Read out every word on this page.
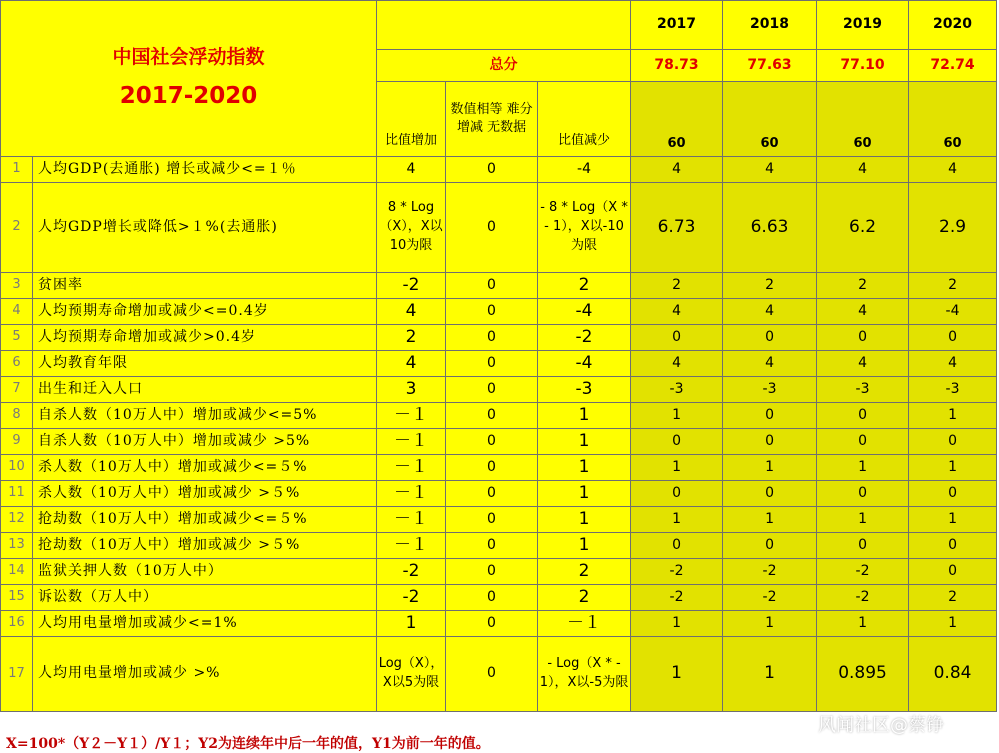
中国社会浮动指数
2017-2020					2017	2018	2019	2020
		总分			78.73	77.63	77.10	72.74
		比值增加	数值相等 难分增减 无数据	比值减少	60	60	60	60
1	人均GDP(去通胀) 增长或减少<=１％	4	0	-4	4	4	4	4
2	人均GDP增长或降低>１%(去通胀)	8 * Log（X），X以10为限	0	- 8 * Log（X * - 1），X以-10为限	6.73	6.63	6.2	2.9
3	贫困率	-2	0	2	2	2	2	2
4	人均预期寿命增加或减少<=0.4岁	4	0	-4	4	4	4	-4
5	人均预期寿命增加或减少>0.4岁	2	0	-2	0	0	0	0
6	人均教育年限	4	0	-4	4	4	4	4
7	出生和迁入人口	3	0	-3	-3	-3	-3	-3
8	自杀人数（10万人中）增加或减少<=5%	－１	0	1	1	0	0	1
9	自杀人数（10万人中）增加或减少 >5%	－１	0	1	0	0	0	0
10	杀人数（10万人中）增加或减少<=５%	－１	0	1	1	1	1	1
11	杀人数（10万人中）增加或减少 >５%	－１	0	1	0	0	0	0
12	抢劫数（10万人中）增加或减少<=５%	－１	0	1	1	1	1	1
13	抢劫数（10万人中）增加或减少 >５%	－１	0	1	0	0	0	0
14	监狱关押人数（10万人中）	-2	0	2	-2	-2	-2	0
15	诉讼数（万人中）	-2	0	2	-2	-2	-2	2
16	人均用电量增加或减少<=1%	1	0	－１	1	1	1	1
17	人均用电量增加或减少 >%	Log（X），X以5为限	0	- Log（X * - 1），X以-5为限	1	1	0.895	0.84
X=100*（Y２－Y１）/Y１；Y2为连续年中后一年的值，Y1为前一年的值。
风闻社区@蔡铮
